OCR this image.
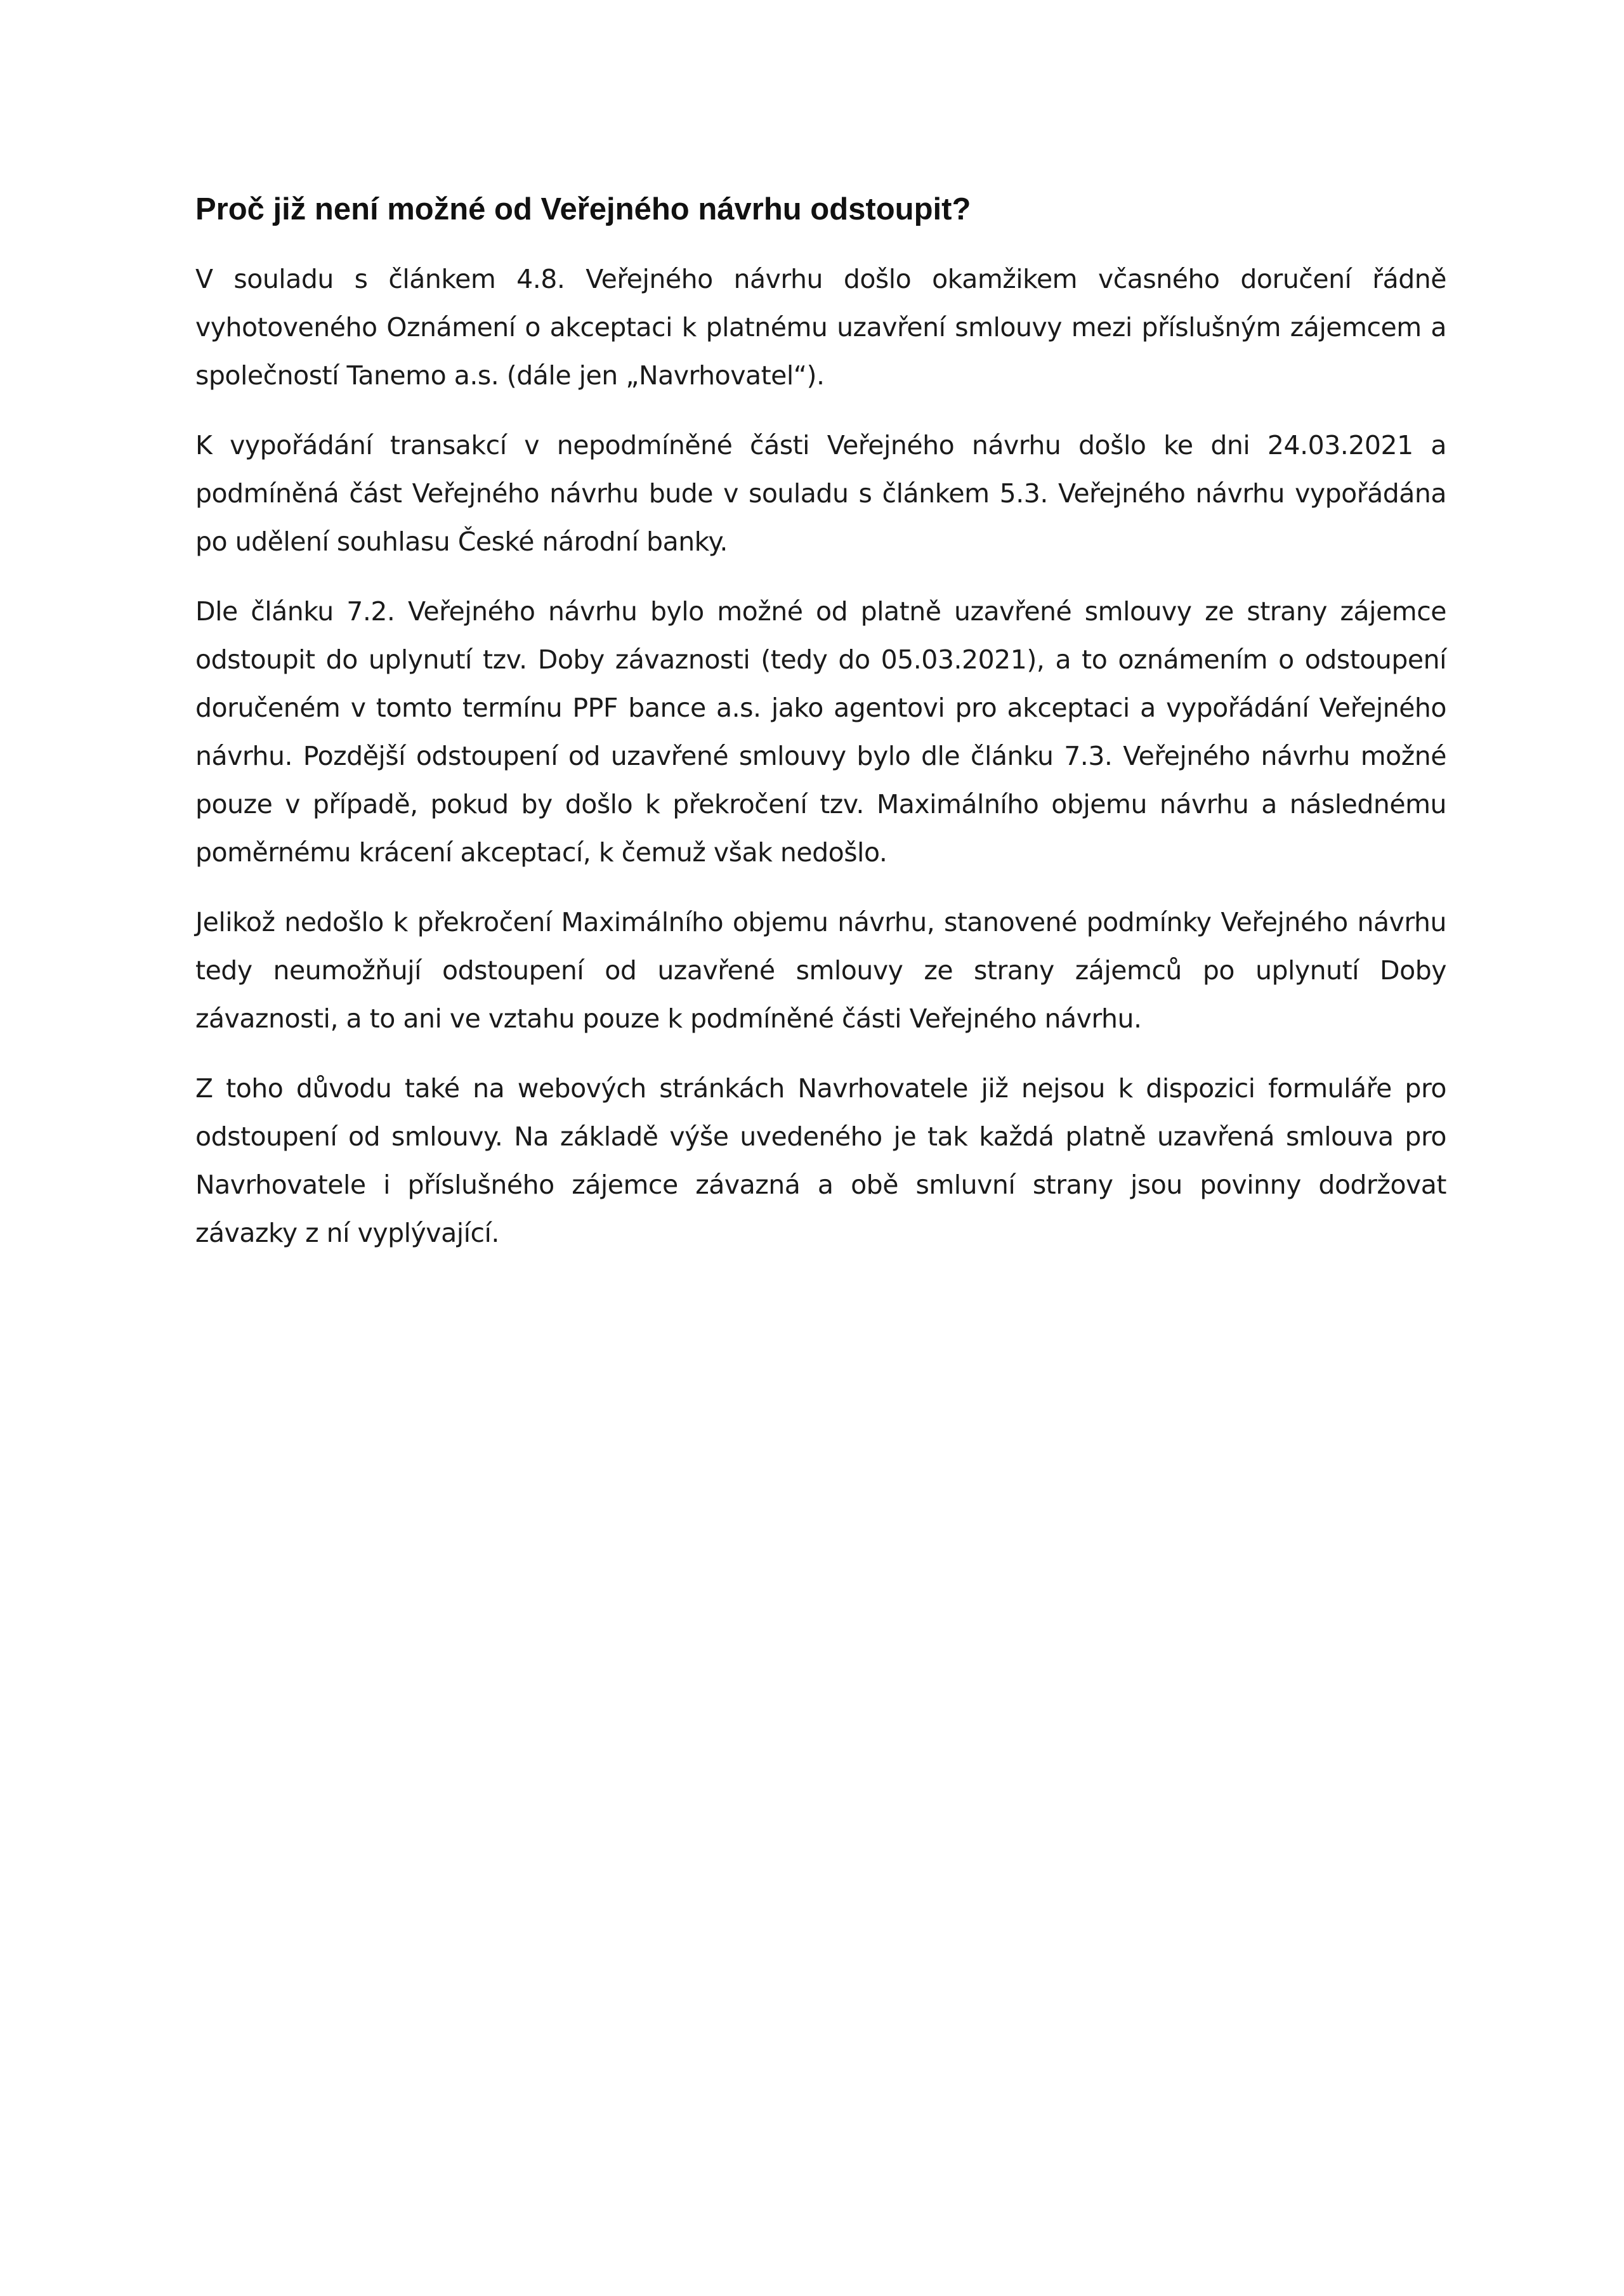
Proč již není možné od Veřejného návrhu odstoupit?

V souladu s článkem 4.8. Veřejného návrhu došlo okamžikem včasného doručení řádně vyhotoveného Oznámení o akceptaci k platnému uzavření smlouvy mezi příslušným zájemcem a společností Tanemo a.s. (dále jen „Navrhovatel“).

K vypořádání transakcí v nepodmíněné části Veřejného návrhu došlo ke dni 24.03.2021 a podmíněná část Veřejného návrhu bude v souladu s článkem 5.3. Veřejného návrhu vypořádána po udělení souhlasu České národní banky.

Dle článku 7.2. Veřejného návrhu bylo možné od platně uzavřené smlouvy ze strany zájemce odstoupit do uplynutí tzv. Doby závaznosti (tedy do 05.03.2021), a to oznámením o odstoupení doručeném v tomto termínu PPF bance a.s. jako agentovi pro akceptaci a vypořádání Veřejného návrhu. Pozdější odstoupení od uzavřené smlouvy bylo dle článku 7.3. Veřejného návrhu možné pouze v případě, pokud by došlo k překročení tzv. Maximálního objemu návrhu a následnému poměrnému krácení akceptací, k čemuž však nedošlo.

Jelikož nedošlo k překročení Maximálního objemu návrhu, stanovené podmínky Veřejného návrhu tedy neumožňují odstoupení od uzavřené smlouvy ze strany zájemců po uplynutí Doby závaznosti, a to ani ve vztahu pouze k podmíněné části Veřejného návrhu.

Z toho důvodu také na webových stránkách Navrhovatele již nejsou k dispozici formuláře pro odstoupení od smlouvy. Na základě výše uvedeného je tak každá platně uzavřená smlouva pro Navrhovatele i příslušného zájemce závazná a obě smluvní strany jsou povinny dodržovat závazky z ní vyplývající.
